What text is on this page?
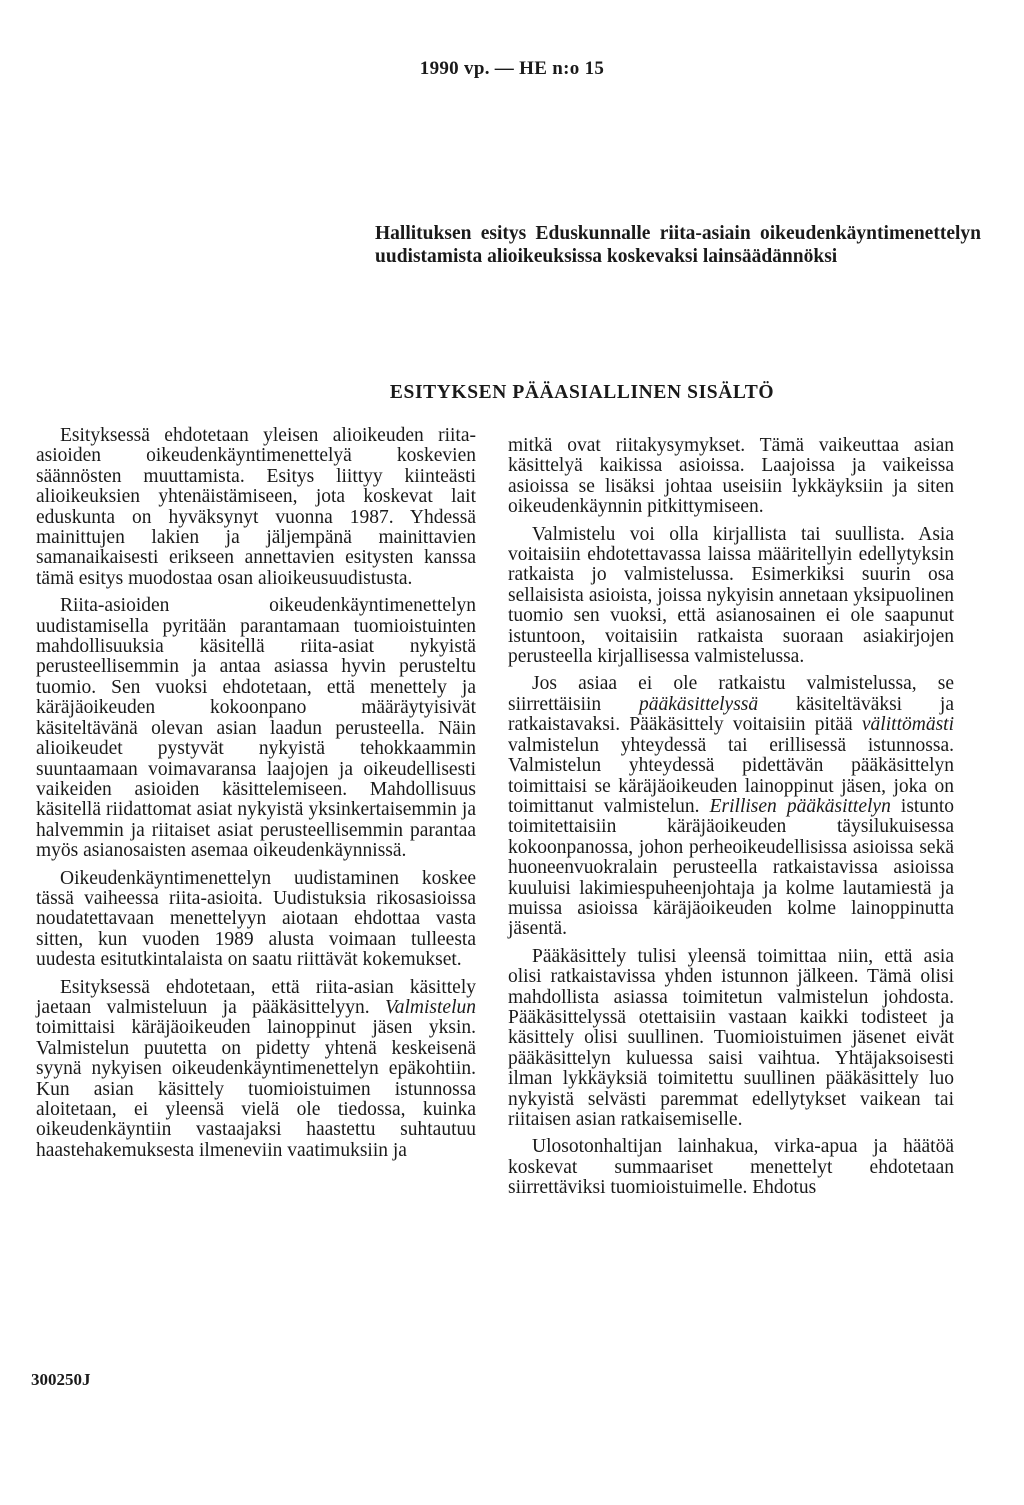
1990 vp. — HE n:o 15
Hallituksen esitys Eduskunnalle riita-asiain oikeudenkäyntimenettelyn uudistamista alioikeuksissa koskevaksi lainsäädännöksi
ESITYKSEN PÄÄASIALLINEN SISÄLTÖ

Esityksessä ehdotetaan yleisen alioikeuden riita-asioiden oikeudenkäyntimenettelyä koskevien säännösten muuttamista. Esitys liittyy kiinteästi alioikeuksien yhtenäistämiseen, jota koskevat lait eduskunta on hyväksynyt vuonna 1987. Yhdessä mainittujen lakien ja jäljempänä mainittavien samanaikaisesti erikseen annettavien esitysten kanssa tämä esitys muodostaa osan alioikeusuudistusta.

Riita-asioiden oikeudenkäyntimenettelyn uudistamisella pyritään parantamaan tuomioistuinten mahdollisuuksia käsitellä riita-asiat nykyistä perusteellisemmin ja antaa asiassa hyvin perusteltu tuomio. Sen vuoksi ehdotetaan, että menettely ja käräjäoikeuden kokoonpano määräytyisivät käsiteltävänä olevan asian laadun perusteella. Näin alioikeudet pystyvät nykyistä tehokkaammin suuntaamaan voimavaransa laajojen ja oikeudellisesti vaikeiden asioiden käsittelemiseen. Mahdollisuus käsitellä riidattomat asiat nykyistä yksinkertaisemmin ja halvemmin ja riitaiset asiat perusteellisemmin parantaa myös asianosaisten asemaa oikeudenkäynnissä.

Oikeudenkäyntimenettelyn uudistaminen koskee tässä vaiheessa riita-asioita. Uudistuksia rikosasioissa noudatettavaan menettelyyn aiotaan ehdottaa vasta sitten, kun vuoden 1989 alusta voimaan tulleesta uudesta esitutkintalaista on saatu riittävät kokemukset.

Esityksessä ehdotetaan, että riita-asian käsittely jaetaan valmisteluun ja pääkäsittelyyn. Valmistelun toimittaisi käräjäoikeuden lainoppinut jäsen yksin. Valmistelun puutetta on pidetty yhtenä keskeisenä syynä nykyisen oikeudenkäyntimenettelyn epäkohtiin. Kun asian käsittely tuomioistuimen istunnossa aloitetaan, ei yleensä vielä ole tiedossa, kuinka oikeudenkäyntiin vastaajaksi haastettu suhtautuu haastehakemuksesta ilmeneviin vaatimuksiin ja

mitkä ovat riitakysymykset. Tämä vaikeuttaa asian käsittelyä kaikissa asioissa. Laajoissa ja vaikeissa asioissa se lisäksi johtaa useisiin lykkäyksiin ja siten oikeudenkäynnin pitkittymiseen.

Valmistelu voi olla kirjallista tai suullista. Asia voitaisiin ehdotettavassa laissa määritellyin edellytyksin ratkaista jo valmistelussa. Esimerkiksi suurin osa sellaisista asioista, joissa nykyisin annetaan yksipuolinen tuomio sen vuoksi, että asianosainen ei ole saapunut istuntoon, voitaisiin ratkaista suoraan asiakirjojen perusteella kirjallisessa valmistelussa.

Jos asiaa ei ole ratkaistu valmistelussa, se siirrettäisiin pääkäsittelyssä käsiteltäväksi ja ratkaistavaksi. Pääkäsittely voitaisiin pitää välittömästi valmistelun yhteydessä tai erillisessä istunnossa. Valmistelun yhteydessä pidettävän pääkäsittelyn toimittaisi se käräjäoikeuden lainoppinut jäsen, joka on toimittanut valmistelun. Erillisen pääkäsittelyn istunto toimitettaisiin käräjäoikeuden täysilukuisessa kokoonpanossa, johon perheoikeudellisissa asioissa sekä huoneenvuokralain perusteella ratkaistavissa asioissa kuuluisi lakimiespuheenjohtaja ja kolme lautamiestä ja muissa asioissa käräjäoikeuden kolme lainoppinutta jäsentä.

Pääkäsittely tulisi yleensä toimittaa niin, että asia olisi ratkaistavissa yhden istunnon jälkeen. Tämä olisi mahdollista asiassa toimitetun valmistelun johdosta. Pääkäsittelyssä otettaisiin vastaan kaikki todisteet ja käsittely olisi suullinen. Tuomioistuimen jäsenet eivät pääkäsittelyn kuluessa saisi vaihtua. Yhtäjaksoisesti ilman lykkäyksiä toimitettu suullinen pääkäsittely luo nykyistä selvästi paremmat edellytykset vaikean tai riitaisen asian ratkaisemiselle.

Ulosotonhaltijan lainhakua, virka-apua ja häätöä koskevat summaariset menettelyt ehdotetaan siirrettäviksi tuomioistuimelle. Ehdotus

300250J
